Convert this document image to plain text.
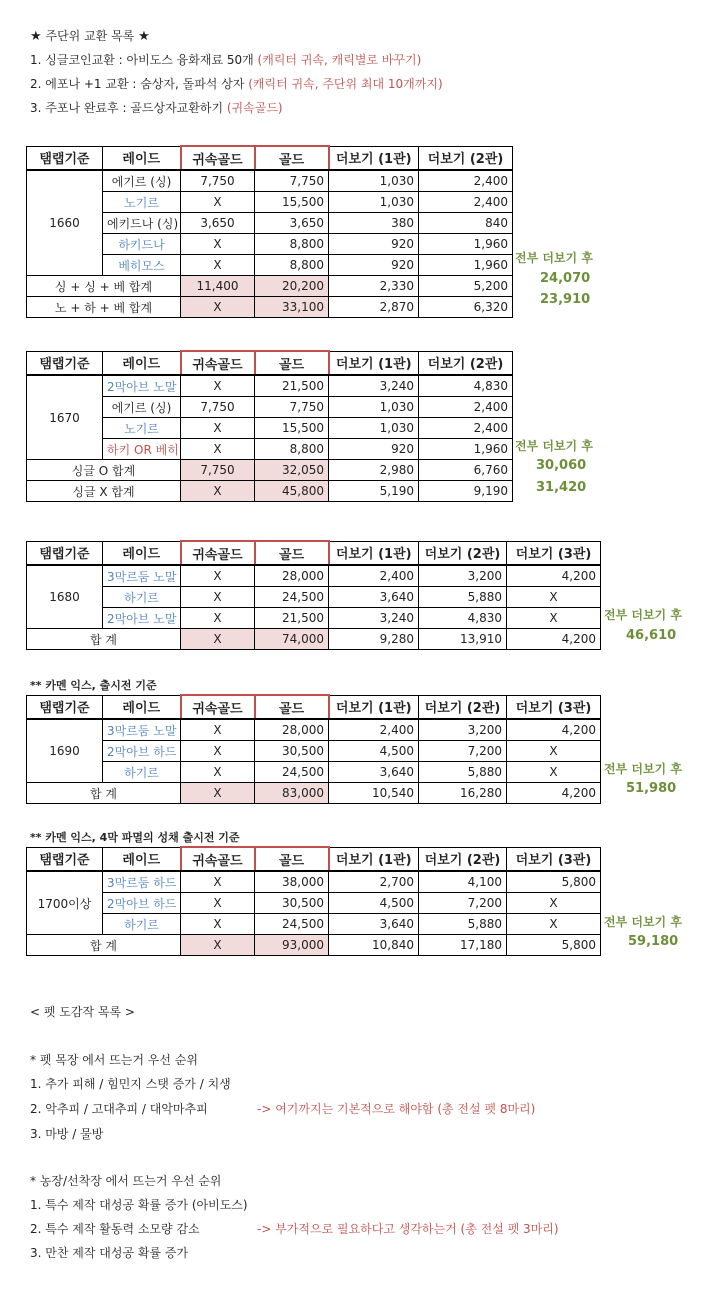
★ 주단위 교환 목록 ★
1. 싱글코인교환 : 아비도스 융화재료 50개 (캐릭터 귀속, 캐릭별로 바꾸기)
2. 에포나 +1 교환 : 숨상자, 돌파석 상자 (캐릭터 귀속, 주단위 최대 10개까지)
3. 주포나 완료후 : 골드상자교환하기 (귀속골드)
탬랩기준	레이드	귀속골드	골드	더보기 (1관)	더보기 (2관)
1660	에기르 (싱)	7,750	7,750	1,030	2,400
	노기르	X	15,500	1,030	2,400
	에키드나 (싱)	3,650	3,650	380	840
	하키드나	X	8,800	920	1,960
	베히모스	X	8,800	920	1,960
싱 + 싱 + 베 합계		11,400	20,200	2,330	5,200
노 + 하 + 베 합계		X	33,100	2,870	6,320
전부 더보기 후
24,070
23,910
탬랩기준	레이드	귀속골드	골드	더보기 (1관)	더보기 (2관)
1670	2막아브 노말	X	21,500	3,240	4,830
	에기르 (싱)	7,750	7,750	1,030	2,400
	노기르	X	15,500	1,030	2,400
	하키 OR 베히	X	8,800	920	1,960
싱글 O 합계		7,750	32,050	2,980	6,760
싱글 X 합계		X	45,800	5,190	9,190
전부 더보기 후
30,060
31,420
탬랩기준	레이드	귀속골드	골드	더보기 (1관)	더보기 (2관)	더보기 (3관)
1680	3막르둠 노말	X	28,000	2,400	3,200	4,200
	하기르	X	24,500	3,640	5,880	X
	2막아브 노말	X	21,500	3,240	4,830	X
합 계		X	74,000	9,280	13,910	4,200
전부 더보기 후
46,610
** 카멘 익스, 출시전 기준
탬랩기준	레이드	귀속골드	골드	더보기 (1관)	더보기 (2관)	더보기 (3관)
1690	3막르둠 노말	X	28,000	2,400	3,200	4,200
	2막아브 하드	X	30,500	4,500	7,200	X
	하기르	X	24,500	3,640	5,880	X
합 계		X	83,000	10,540	16,280	4,200
전부 더보기 후
51,980
** 카멘 익스, 4막 파멸의 성채 출시전 기준
탬랩기준	레이드	귀속골드	골드	더보기 (1관)	더보기 (2관)	더보기 (3관)
1700이상	3막르둠 하드	X	38,000	2,700	4,100	5,800
	2막아브 하드	X	30,500	4,500	7,200	X
	하기르	X	24,500	3,640	5,880	X
합 계		X	93,000	10,840	17,180	5,800
전부 더보기 후
59,180
< 펫 도감작 목록 >
* 펫 목장 에서 뜨는거 우선 순위
1. 추가 피해 / 힘민지 스탯 증가 / 치생
2. 악추피 / 고대추피 / 대악마추피	-> 여기까지는 기본적으로 해야함 (총 전설 펫 8마리)
3. 마방 / 물방
* 농장/선착장 에서 뜨는거 우선 순위
1. 특수 제작 대성공 확률 증가 (아비도스)
2. 특수 제작 활동력 소모량 감소	-> 부가적으로 필요하다고 생각하는거 (총 전설 펫 3마리)
3. 만찬 제작 대성공 확률 증가
